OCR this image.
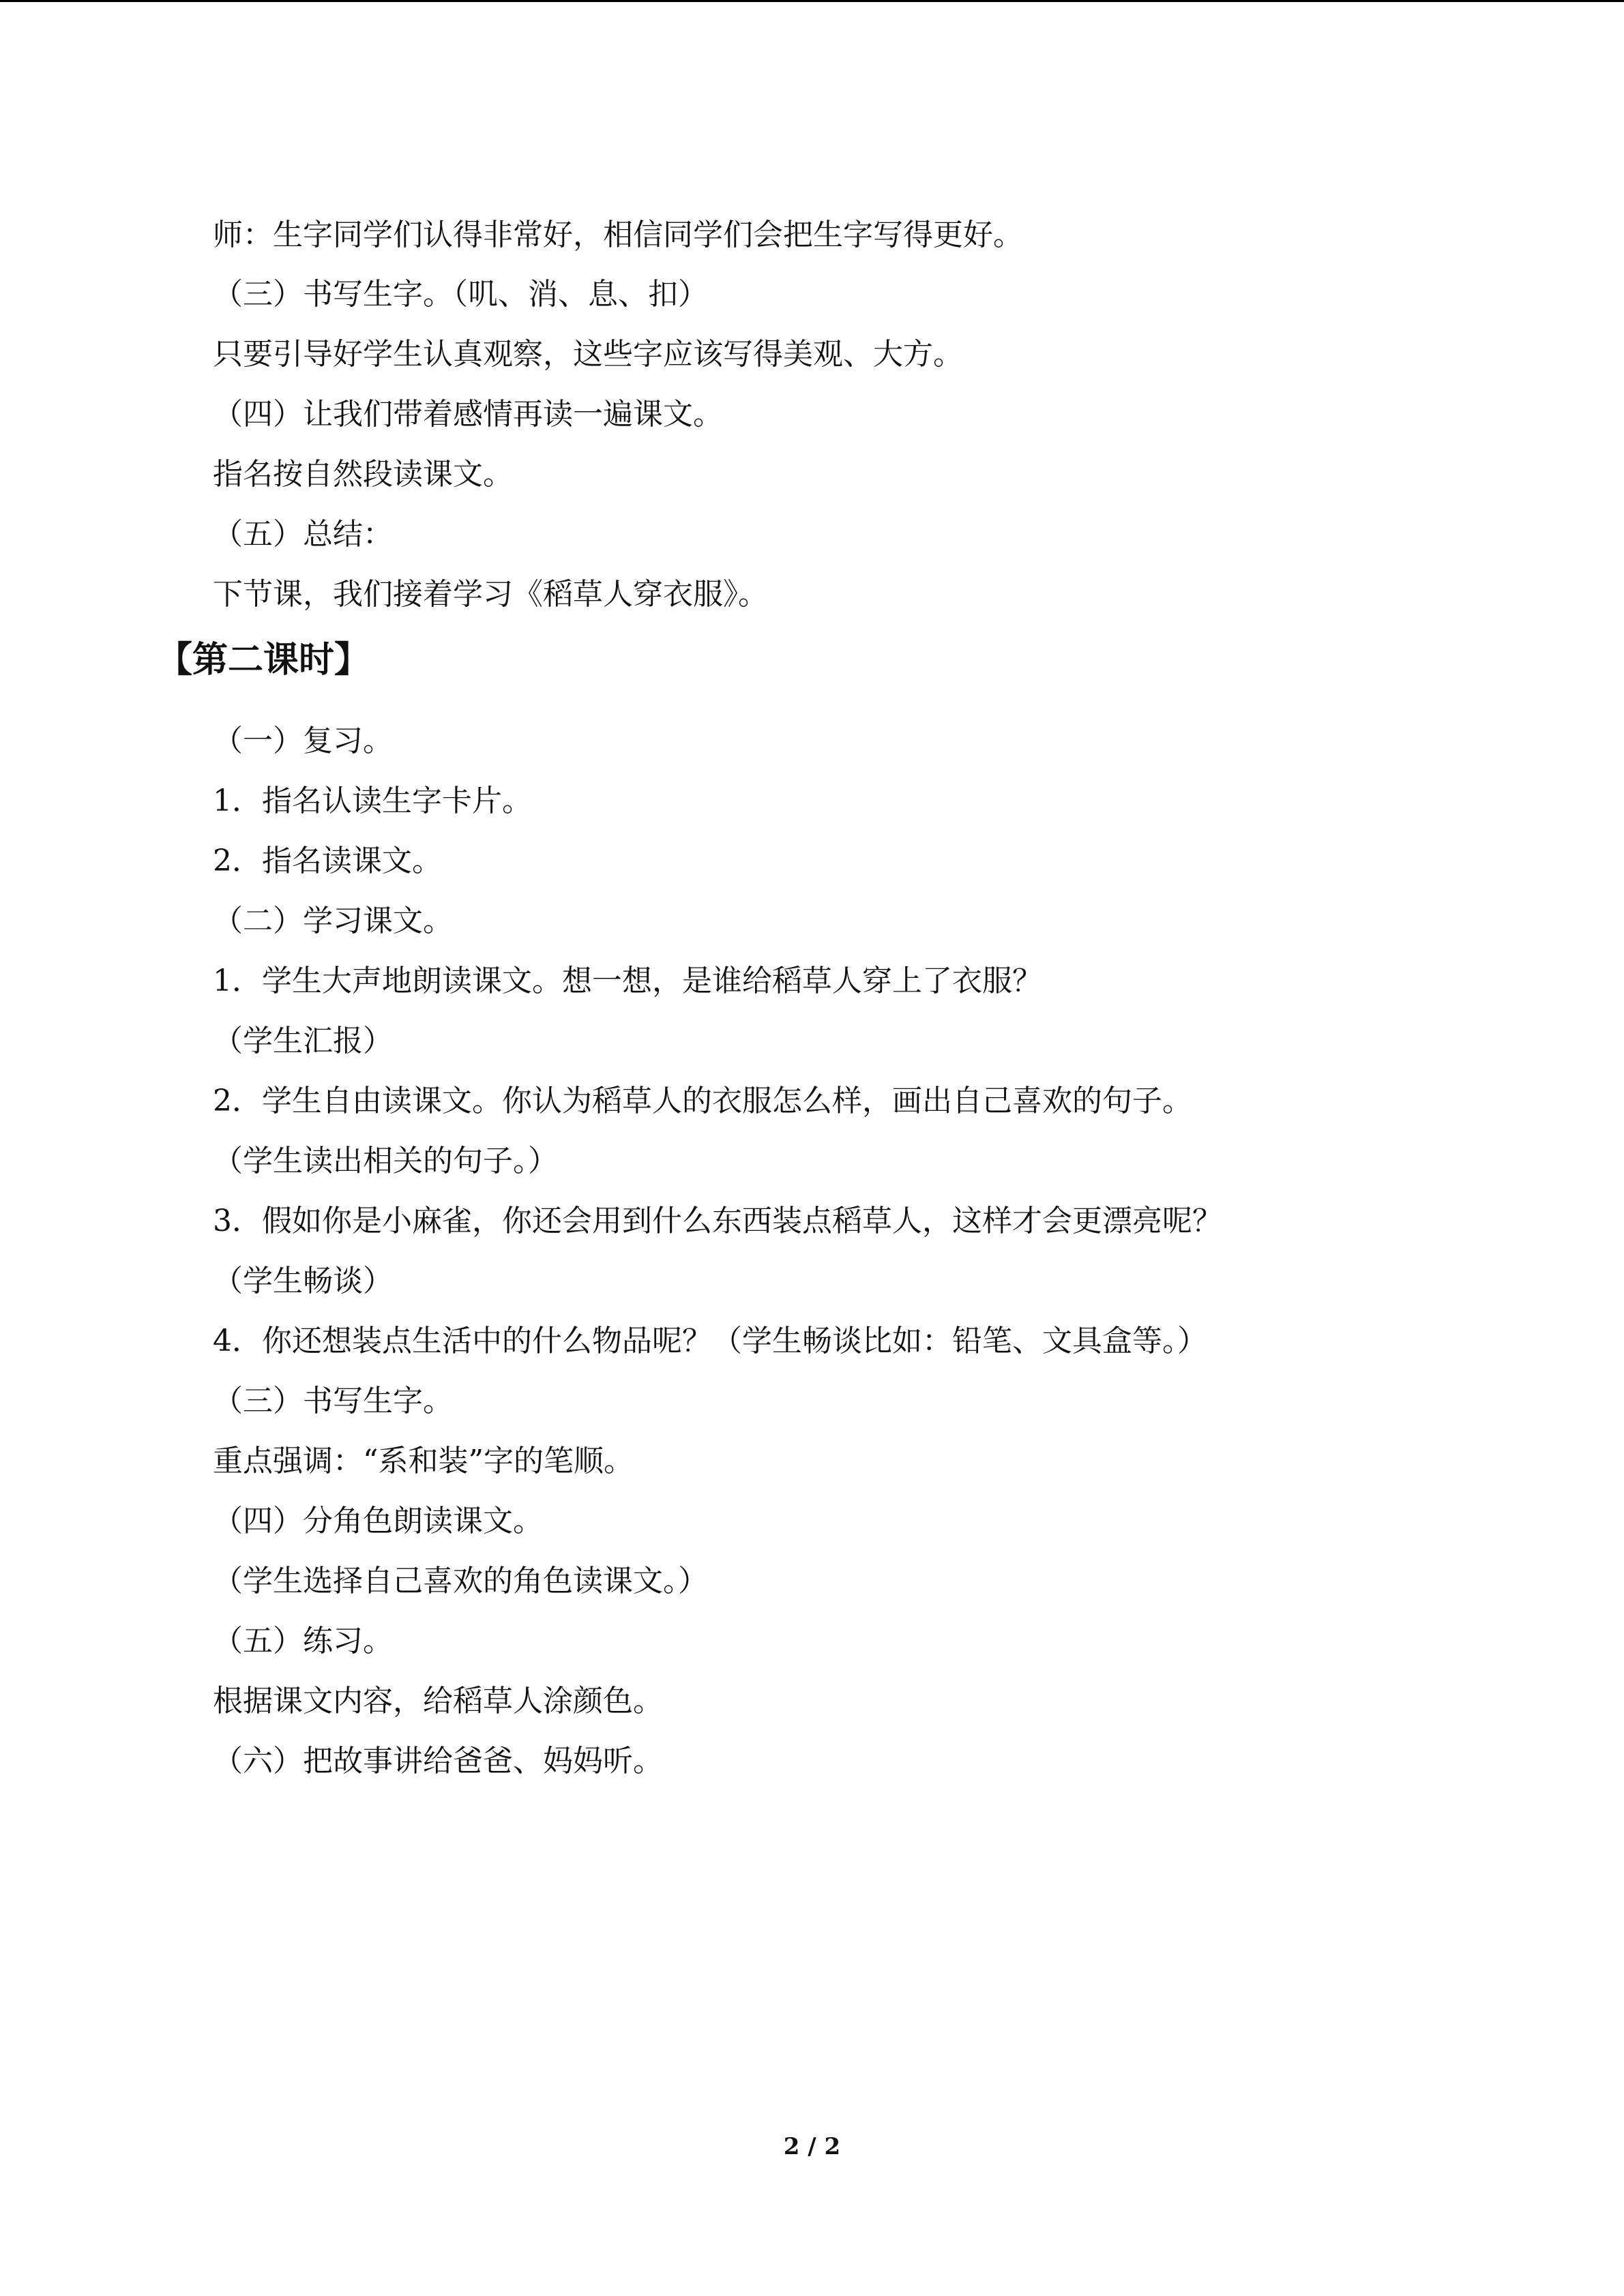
师：生字同学们认得非常好，相信同学们会把生字写得更好。
（三）书写生字。（叽、消、息、扣）
只要引导好学生认真观察，这些字应该写得美观、大方。
（四）让我们带着感情再读一遍课文。
指名按自然段读课文。
（五）总结：
下节课，我们接着学习《稻草人穿衣服》。
【第二课时】
（一）复习。
1．指名认读生字卡片。
2．指名读课文。
（二）学习课文。
1．学生大声地朗读课文。想一想，是谁给稻草人穿上了衣服？
（学生汇报）
2．学生自由读课文。你认为稻草人的衣服怎么样，画出自己喜欢的句子。
（学生读出相关的句子。）
3．假如你是小麻雀，你还会用到什么东西装点稻草人，这样才会更漂亮呢？
（学生畅谈）
4．你还想装点生活中的什么物品呢？（学生畅谈比如：铅笔、文具盒等。）
（三）书写生字。
重点强调：“系和装”字的笔顺。
（四）分角色朗读课文。
（学生选择自己喜欢的角色读课文。）
（五）练习。
根据课文内容，给稻草人涂颜色。
（六）把故事讲给爸爸、妈妈听。
2 / 2
